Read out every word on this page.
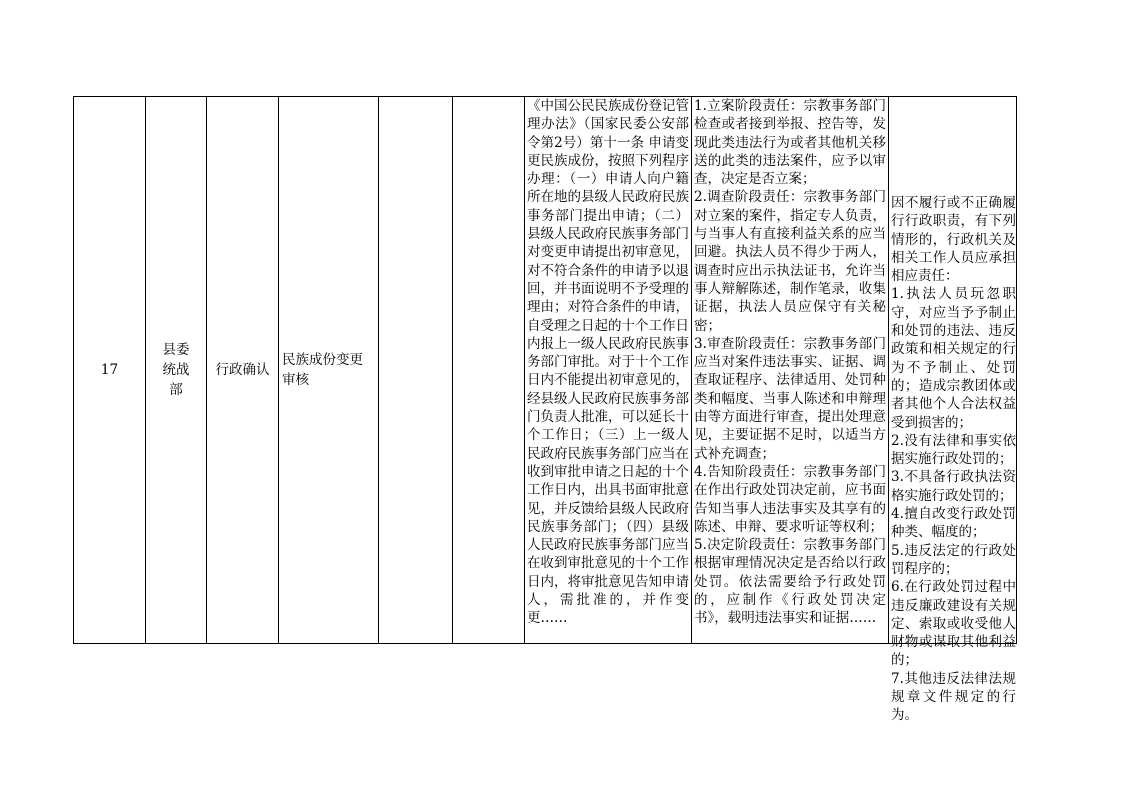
17
县委统战部
行政确认
民族成份变更审核
《中国公民民族成份登记管理办法》（国家民委公安部令第2号）第十一条 申请变更民族成份，按照下列程序办理：（一）申请人向户籍所在地的县级人民政府民族事务部门提出申请；（二）县级人民政府民族事务部门对变更申请提出初审意见，对不符合条件的申请予以退回，并书面说明不予受理的理由；对符合条件的申请，自受理之日起的十个工作日内报上一级人民政府民族事务部门审批。对于十个工作日内不能提出初审意见的，经县级人民政府民族事务部门负责人批准，可以延长十个工作日；（三）上一级人民政府民族事务部门应当在收到审批申请之日起的十个工作日内，出具书面审批意见，并反馈给县级人民政府民族事务部门；（四）县级人民政府民族事务部门应当在收到审批意见的十个工作日内，将审批意见告知申请人，需批准的，并作变更……
1.立案阶段责任：宗教事务部门检查或者接到举报、控告等，发现此类违法行为或者其他机关移送的此类的违法案件，应予以审查，决定是否立案；
2.调查阶段责任：宗教事务部门对立案的案件，指定专人负责，与当事人有直接利益关系的应当回避。执法人员不得少于两人，调查时应出示执法证书，允许当事人辩解陈述，制作笔录，收集证据，执法人员应保守有关秘密；
3.审查阶段责任：宗教事务部门应当对案件违法事实、证据、调查取证程序、法律适用、处罚种类和幅度、当事人陈述和申辩理由等方面进行审查，提出处理意见，主要证据不足时，以适当方式补充调查；
4.告知阶段责任：宗教事务部门在作出行政处罚决定前，应书面告知当事人违法事实及其享有的陈述、申辩、要求听证等权利；
5.决定阶段责任：宗教事务部门根据审理情况决定是否给以行政处罚。依法需要给予行政处罚的，应制作《行政处罚决定书》，载明违法事实和证据……
因不履行或不正确履行行政职责，有下列情形的，行政机关及相关工作人员应承担相应责任：
1.执法人员玩忽职守，对应当予予制止和处罚的违法、违反政策和相关规定的行为不予制止、处罚的；造成宗教团体或者其他个人合法权益受到损害的；
2.没有法律和事实依据实施行政处罚的；
3.不具备行政执法资格实施行政处罚的；
4.擅自改变行政处罚种类、幅度的；
5.违反法定的行政处罚程序的；
6.在行政处罚过程中违反廉政建设有关规定、索取或收受他人财物或谋取其他利益的；
7.其他违反法律法规规章文件规定的行为。
